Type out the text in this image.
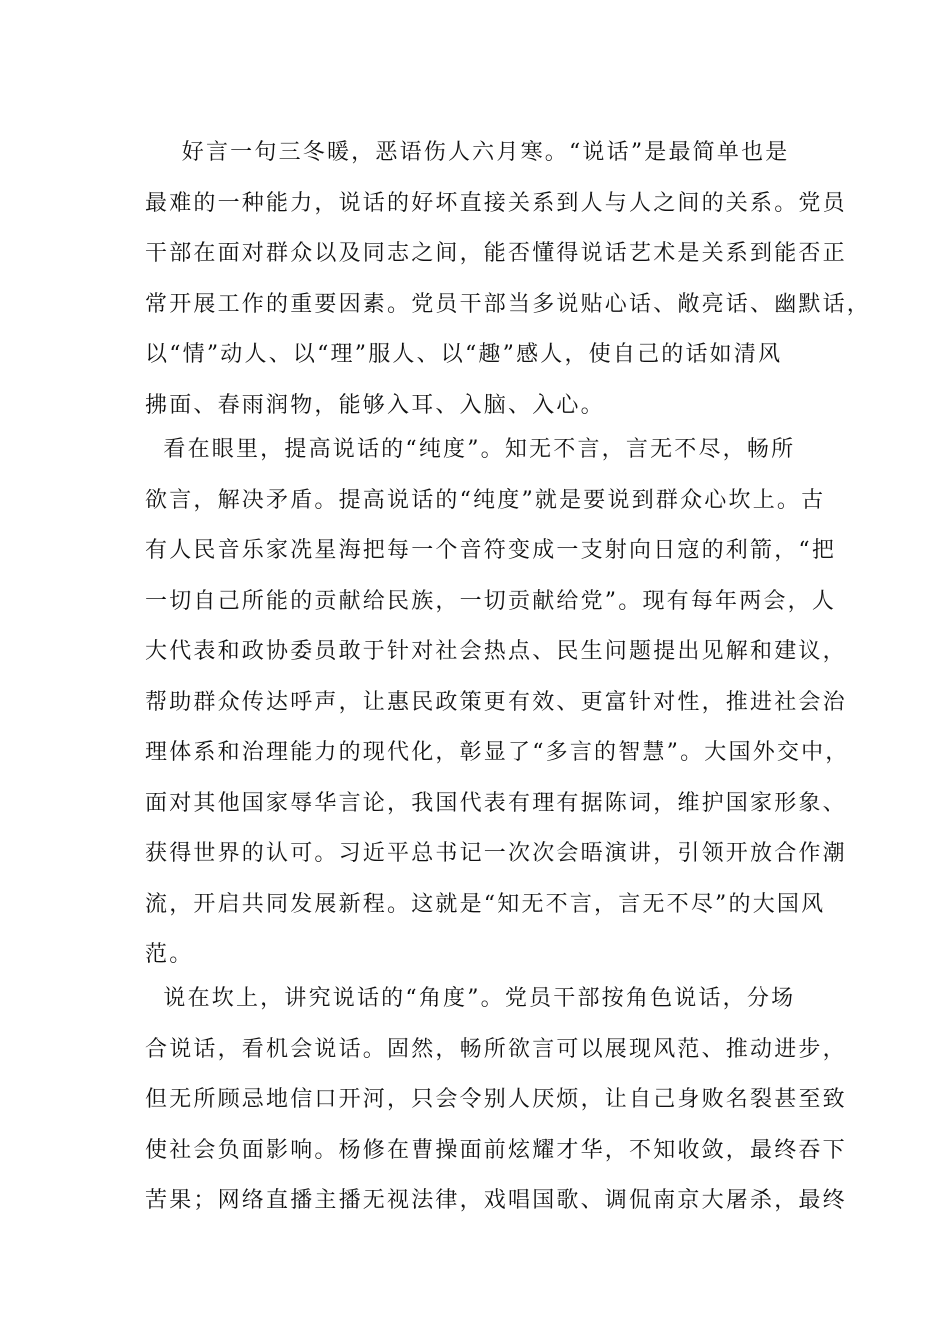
好言一句三冬暖，恶语伤人六月寒。“说话”是最简单也是
最难的一种能力，说话的好坏直接关系到人与人之间的关系。党员
干部在面对群众以及同志之间，能否懂得说话艺术是关系到能否正
常开展工作的重要因素。党员干部当多说贴心话、敞亮话、幽默话，
以“情”动人、以“理”服人、以“趣”感人，使自己的话如清风
拂面、春雨润物，能够入耳、入脑、入心。
看在眼里，提高说话的“纯度”。知无不言，言无不尽，畅所
欲言，解决矛盾。提高说话的“纯度”就是要说到群众心坎上。古
有人民音乐家冼星海把每一个音符变成一支射向日寇的利箭，“把
一切自己所能的贡献给民族，一切贡献给党”。现有每年两会，人
大代表和政协委员敢于针对社会热点、民生问题提出见解和建议，
帮助群众传达呼声，让惠民政策更有效、更富针对性，推进社会治
理体系和治理能力的现代化，彰显了“多言的智慧”。大国外交中，
面对其他国家辱华言论，我国代表有理有据陈词，维护国家形象、
获得世界的认可。习近平总书记一次次会晤演讲，引领开放合作潮
流，开启共同发展新程。这就是“知无不言，言无不尽”的大国风
范。
说在坎上，讲究说话的“角度”。党员干部按角色说话，分场
合说话，看机会说话。固然，畅所欲言可以展现风范、推动进步，
但无所顾忌地信口开河，只会令别人厌烦，让自己身败名裂甚至致
使社会负面影响。杨修在曹操面前炫耀才华，不知收敛，最终吞下
苦果；网络直播主播无视法律，戏唱国歌、调侃南京大屠杀，最终
